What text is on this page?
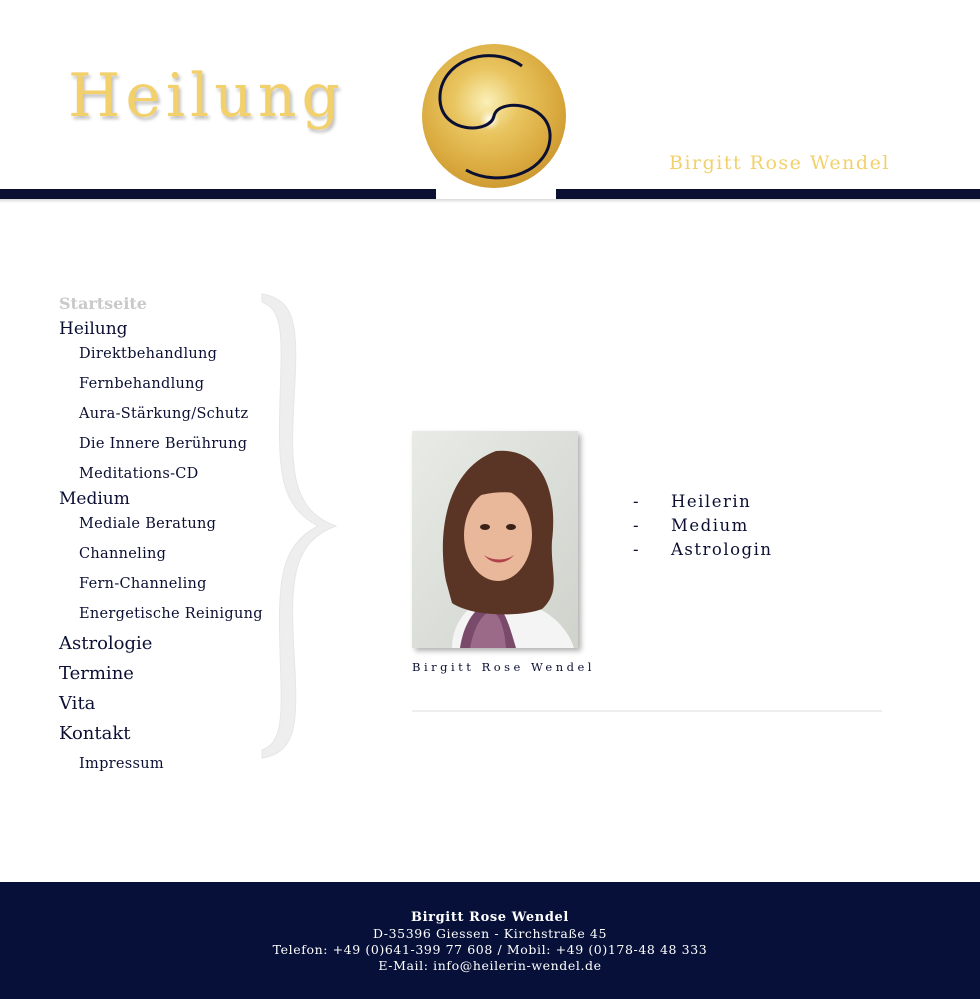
Heilung
Birgitt Rose Wendel
Startseite
Heilung
Direktbehandlung
Fernbehandlung
Aura-Stärkung/Schutz
Die Innere Berührung
Meditations-CD
Medium
Mediale Beratung
Channeling
Fern-Channeling
Energetische Reinigung
Astrologie
Termine
Vita
Kontakt
Impressum
Birgitt Rose Wendel
- Heilerin
- Medium
- Astrologin
Birgitt Rose Wendel
D-35396 Giessen - Kirchstraße 45
Telefon: +49 (0)641-399 77 608 / Mobil: +49 (0)178-48 48 333
E-Mail: info@heilerin-wendel.de
